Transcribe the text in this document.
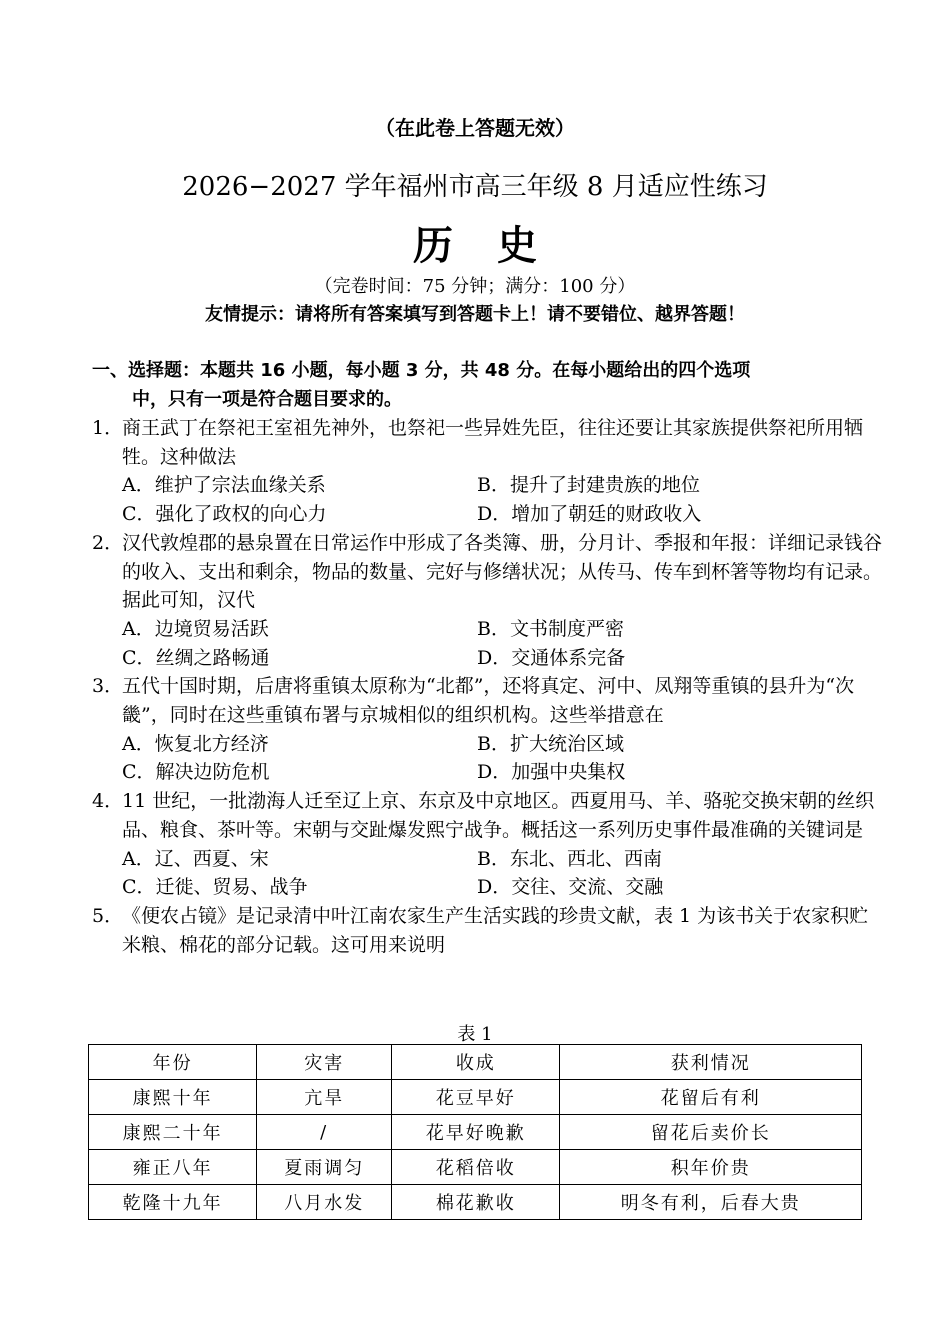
（在此卷上答题无效）
2026−2027 学年福州市高三年级 8 月适应性练习
历史
（完卷时间：75 分钟；满分：100 分）
友情提示：请将所有答案填写到答题卡上！请不要错位、越界答题！
一、选择题：本题共 16 小题，每小题 3 分，共 48 分。在每小题给出的四个选项
中，只有一项是符合题目要求的。
1．
商王武丁在祭祀王室祖先神外，也祭祀一些异姓先臣，往往还要让其家族提供祭祀所用牺牲。这种做法
A．维护了宗法血缘关系	B．提升了封建贵族的地位
C．强化了政权的向心力	D．增加了朝廷的财政收入
2．
汉代敦煌郡的悬泉置在日常运作中形成了各类簿、册，分月计、季报和年报：详细记录钱谷的收入、支出和剩余，物品的数量、完好与修缮状况；从传马、传车到杯箸等物均有记录。据此可知，汉代
A．边境贸易活跃	B．文书制度严密
C．丝绸之路畅通	D．交通体系完备
3．
五代十国时期，后唐将重镇太原称为“北都”，还将真定、河中、凤翔等重镇的县升为“次畿”，同时在这些重镇布署与京城相似的组织机构。这些举措意在
A．恢复北方经济	B．扩大统治区域
C．解决边防危机	D．加强中央集权
4．
11 世纪，一批渤海人迁至辽上京、东京及中京地区。西夏用马、羊、骆驼交换宋朝的丝织品、粮食、茶叶等。宋朝与交趾爆发熙宁战争。概括这一系列历史事件最准确的关键词是
A．辽、西夏、宋	B．东北、西北、西南
C．迁徙、贸易、战争	D．交往、交流、交融
5．
《便农占镜》是记录清中叶江南农家生产生活实践的珍贵文献，表 1 为该书关于农家积贮米粮、棉花的部分记载。这可用来说明
表 1
年份	灾害	收成	获利情况
康熙十年	亢旱	花豆早好	花留后有利
康熙二十年	/	花早好晚歉	留花后卖价长
雍正八年	夏雨调匀	花稻倍收	积年价贵
乾隆十九年	八月水发	棉花歉收	明冬有利，后春大贵
